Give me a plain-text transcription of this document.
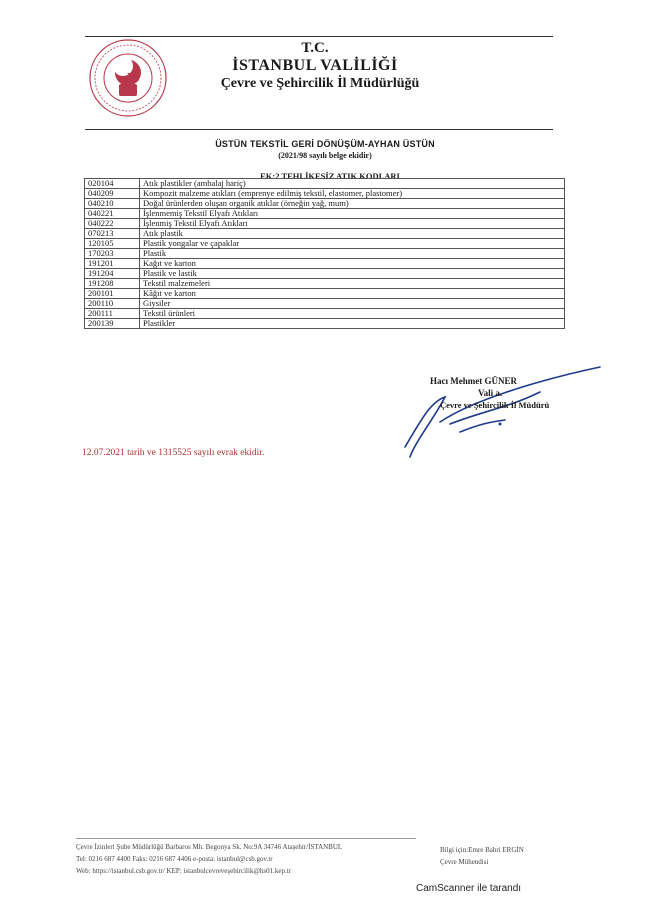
T.C.
İSTANBUL VALİLİĞİ
Çevre ve Şehircilik İl Müdürlüğü
ÜSTÜN TEKSTİL GERİ DÖNÜŞÜM-AYHAN ÜSTÜN
(2021/98 sayılı belge ekidir)
EK:2 TEHLİKESİZ ATIK KODLARI
020104	Atık plastikler (ambalaj hariç)
040209	Kompozit malzeme atıkları (emprenye edilmiş tekstil, elastomer, plastomer)
040210	Doğal ürünlerden oluşan organik atıklar (örneğin yağ, mum)
040221	İşlenmemiş Tekstil Elyafı Atıkları
040222	İşlenmiş Tekstil Elyafı Atıkları
070213	Atık plastik
120105	Plastik yongalar ve çapaklar
170203	Plastik
191201	Kağıt ve karton
191204	Plastik ve lastik
191208	Tekstil malzemeleri
200101	Kâğıt ve karton
200110	Giysiler
200111	Tekstil ürünleri
200139	Plastikler
Hacı Mehmet GÜNER
Vali a.
Çevre ve Şehircilik İl Müdürü
12.07.2021 tarih ve 1315525 sayılı evrak ekidir.
Çevre İzinleri Şube Müdürlüğü Barbaros Mh. Begonya Sk. No:9A 34746 Ataşehir/İSTANBUL
Tel: 0216 687 4400 Faks: 0216 687 4406 e-posta: istanbul@csb.gov.tr
Web: https://istanbul.csb.gov.tr/ KEP: istanbulcevreveşehircilik@hs01.kep.tr
Bilgi için:Emre Bahri ERGİN
Çevre Mühendisi
CamScanner ile tarandı
